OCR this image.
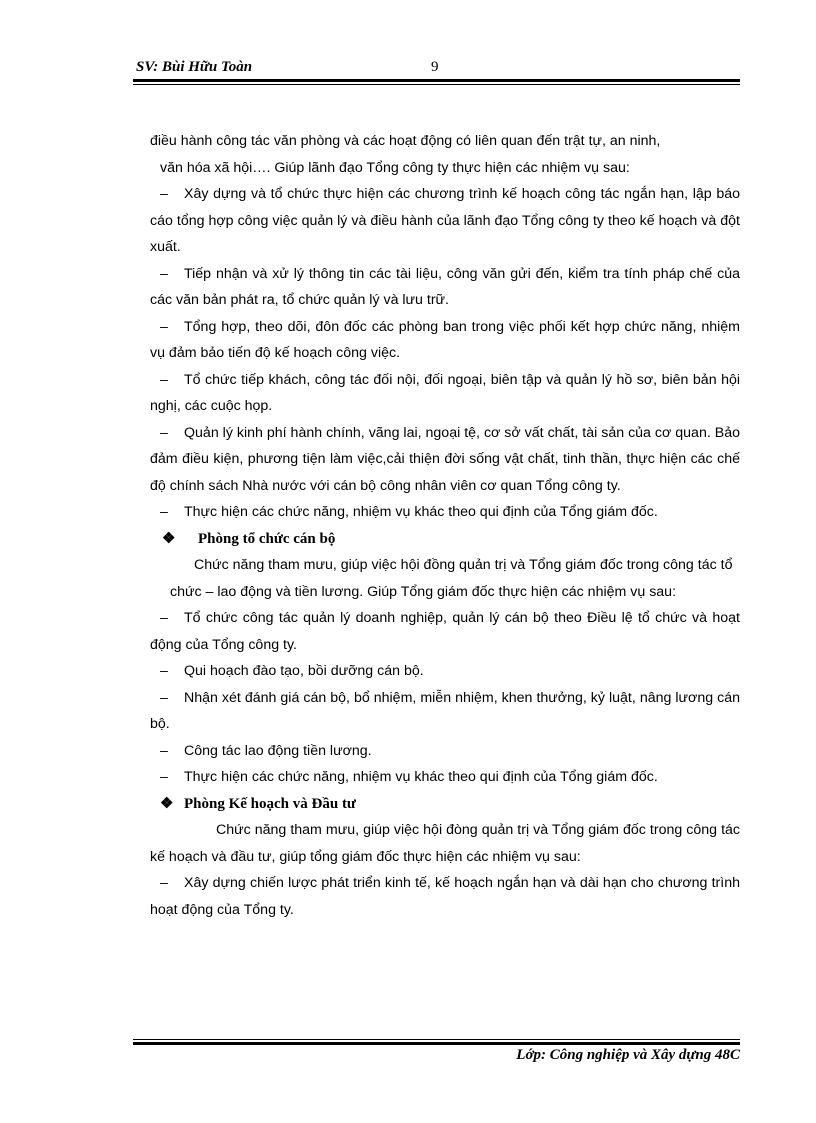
SV: Bùi Hữu Toàn	9

điều hành công tác văn phòng và các hoạt động có liên quan đến trật tự, an ninh,

văn hóa xã hội…. Giúp lãnh đạo Tổng công ty thực hiện các nhiệm vụ sau:

– Xây dựng và tổ chức thực hiện các chương trình kế hoạch công tác ngắn hạn, lập báo cáo tổng hợp công việc quản lý và điều hành của lãnh đạo Tổng công ty theo kế hoạch và đột xuất.

– Tiếp nhận và xử lý thông tin các tài liệu, công văn gửi đến, kiểm tra tính pháp chế của các văn bản phát ra, tổ chức quản lý và lưu trữ.

– Tổng hợp, theo dõi, đôn đốc các phòng ban trong việc phối kết hợp chức năng, nhiệm vụ đảm bảo tiến độ kế hoạch công việc.

– Tổ chức tiếp khách, công tác đối nội, đối ngoại, biên tập và quản lý hồ sơ, biên bản hội nghị, các cuộc họp.

– Quản lý kinh phí hành chính, vãng lai, ngoại tệ, cơ sở vất chất, tài sản của cơ quan. Bảo đảm điều kiện, phương tiện làm việc,cải thiện đời sống vật chất, tinh thần, thực hiện các chế độ chính sách Nhà nước với cán bộ công nhân viên cơ quan Tổng công ty.

– Thực hiện các chức năng, nhiệm vụ khác theo qui định của Tổng giám đốc.

❖ Phòng tổ chức cán bộ

Chức năng tham mưu, giúp việc hội đồng quản trị và Tổng giám đốc trong công tác tổ chức – lao động và tiền lương. Giúp Tổng giám đốc thực hiện các nhiệm vụ sau:

– Tổ chức công tác quản lý doanh nghiệp, quản lý cán bộ theo Điều lệ tổ chức và hoạt động của Tổng công ty.

– Qui hoạch đào tạo, bồi dưỡng cán bộ.

– Nhận xét đánh giá cán bộ, bổ nhiệm, miễn nhiệm, khen thưởng, kỷ luật, nâng lương cán bộ.

– Công tác lao động tiền lương.

– Thực hiện các chức năng, nhiệm vụ khác theo qui định của Tổng giám đốc.

❖ Phòng Kế hoạch và Đầu tư

Chức năng tham mưu, giúp việc hội đòng quản trị và Tổng giám đốc trong công tác kế hoạch và đầu tư, giúp tổng giám đốc thực hiện các nhiệm vụ sau:

– Xây dựng chiến lược phát triển kinh tế, kế hoạch ngắn hạn và dài hạn cho chương trình hoạt động của Tổng ty.

Lớp: Công nghiệp và Xây dựng 48C
